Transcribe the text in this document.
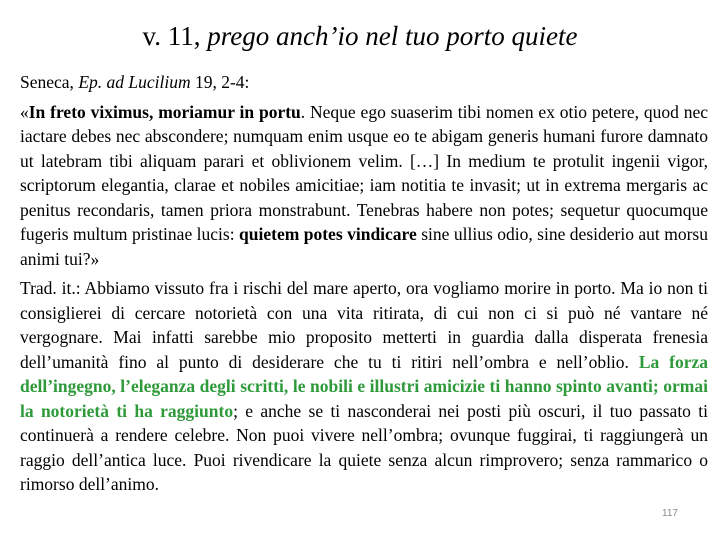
v. 11, prego anch’io nel tuo porto quiete

Seneca, Ep. ad Lucilium 19, 2-4:

«In freto viximus, moriamur in portu. Neque ego suaserim tibi nomen ex otio petere, quod nec iactare debes nec abscondere; numquam enim usque eo te abigam generis humani furore damnato ut latebram tibi aliquam parari et oblivionem velim. […] In medium te protulit ingenii vigor, scriptorum elegantia, clarae et nobiles amicitiae; iam notitia te invasit; ut in extrema mergaris ac penitus recondaris, tamen priora monstrabunt. Tenebras habere non potes; sequetur quocumque fugeris multum pristinae lucis: quietem potes vindicare sine ullius odio, sine desiderio aut morsu animi tui?»

Trad. it.: Abbiamo vissuto fra i rischi del mare aperto, ora vogliamo morire in porto. Ma io non ti consiglierei di cercare notorietà con una vita ritirata, di cui non ci si può né vantare né vergognare. Mai infatti sarebbe mio proposito metterti in guardia dalla disperata frenesia dell’umanità fino al punto di desiderare che tu ti ritiri nell’ombra e nell’oblio. La forza dell’ingegno, l’eleganza degli scritti, le nobili e illustri amicizie ti hanno spinto avanti; ormai la notorietà ti ha raggiunto; e anche se ti nasconderai nei posti più oscuri, il tuo passato ti continuerà a rendere celebre. Non puoi vivere nell’ombra; ovunque fuggirai, ti raggiungerà un raggio dell’antica luce. Puoi rivendicare la quiete senza alcun rimprovero; senza rammarico o rimorso dell’animo.

117
